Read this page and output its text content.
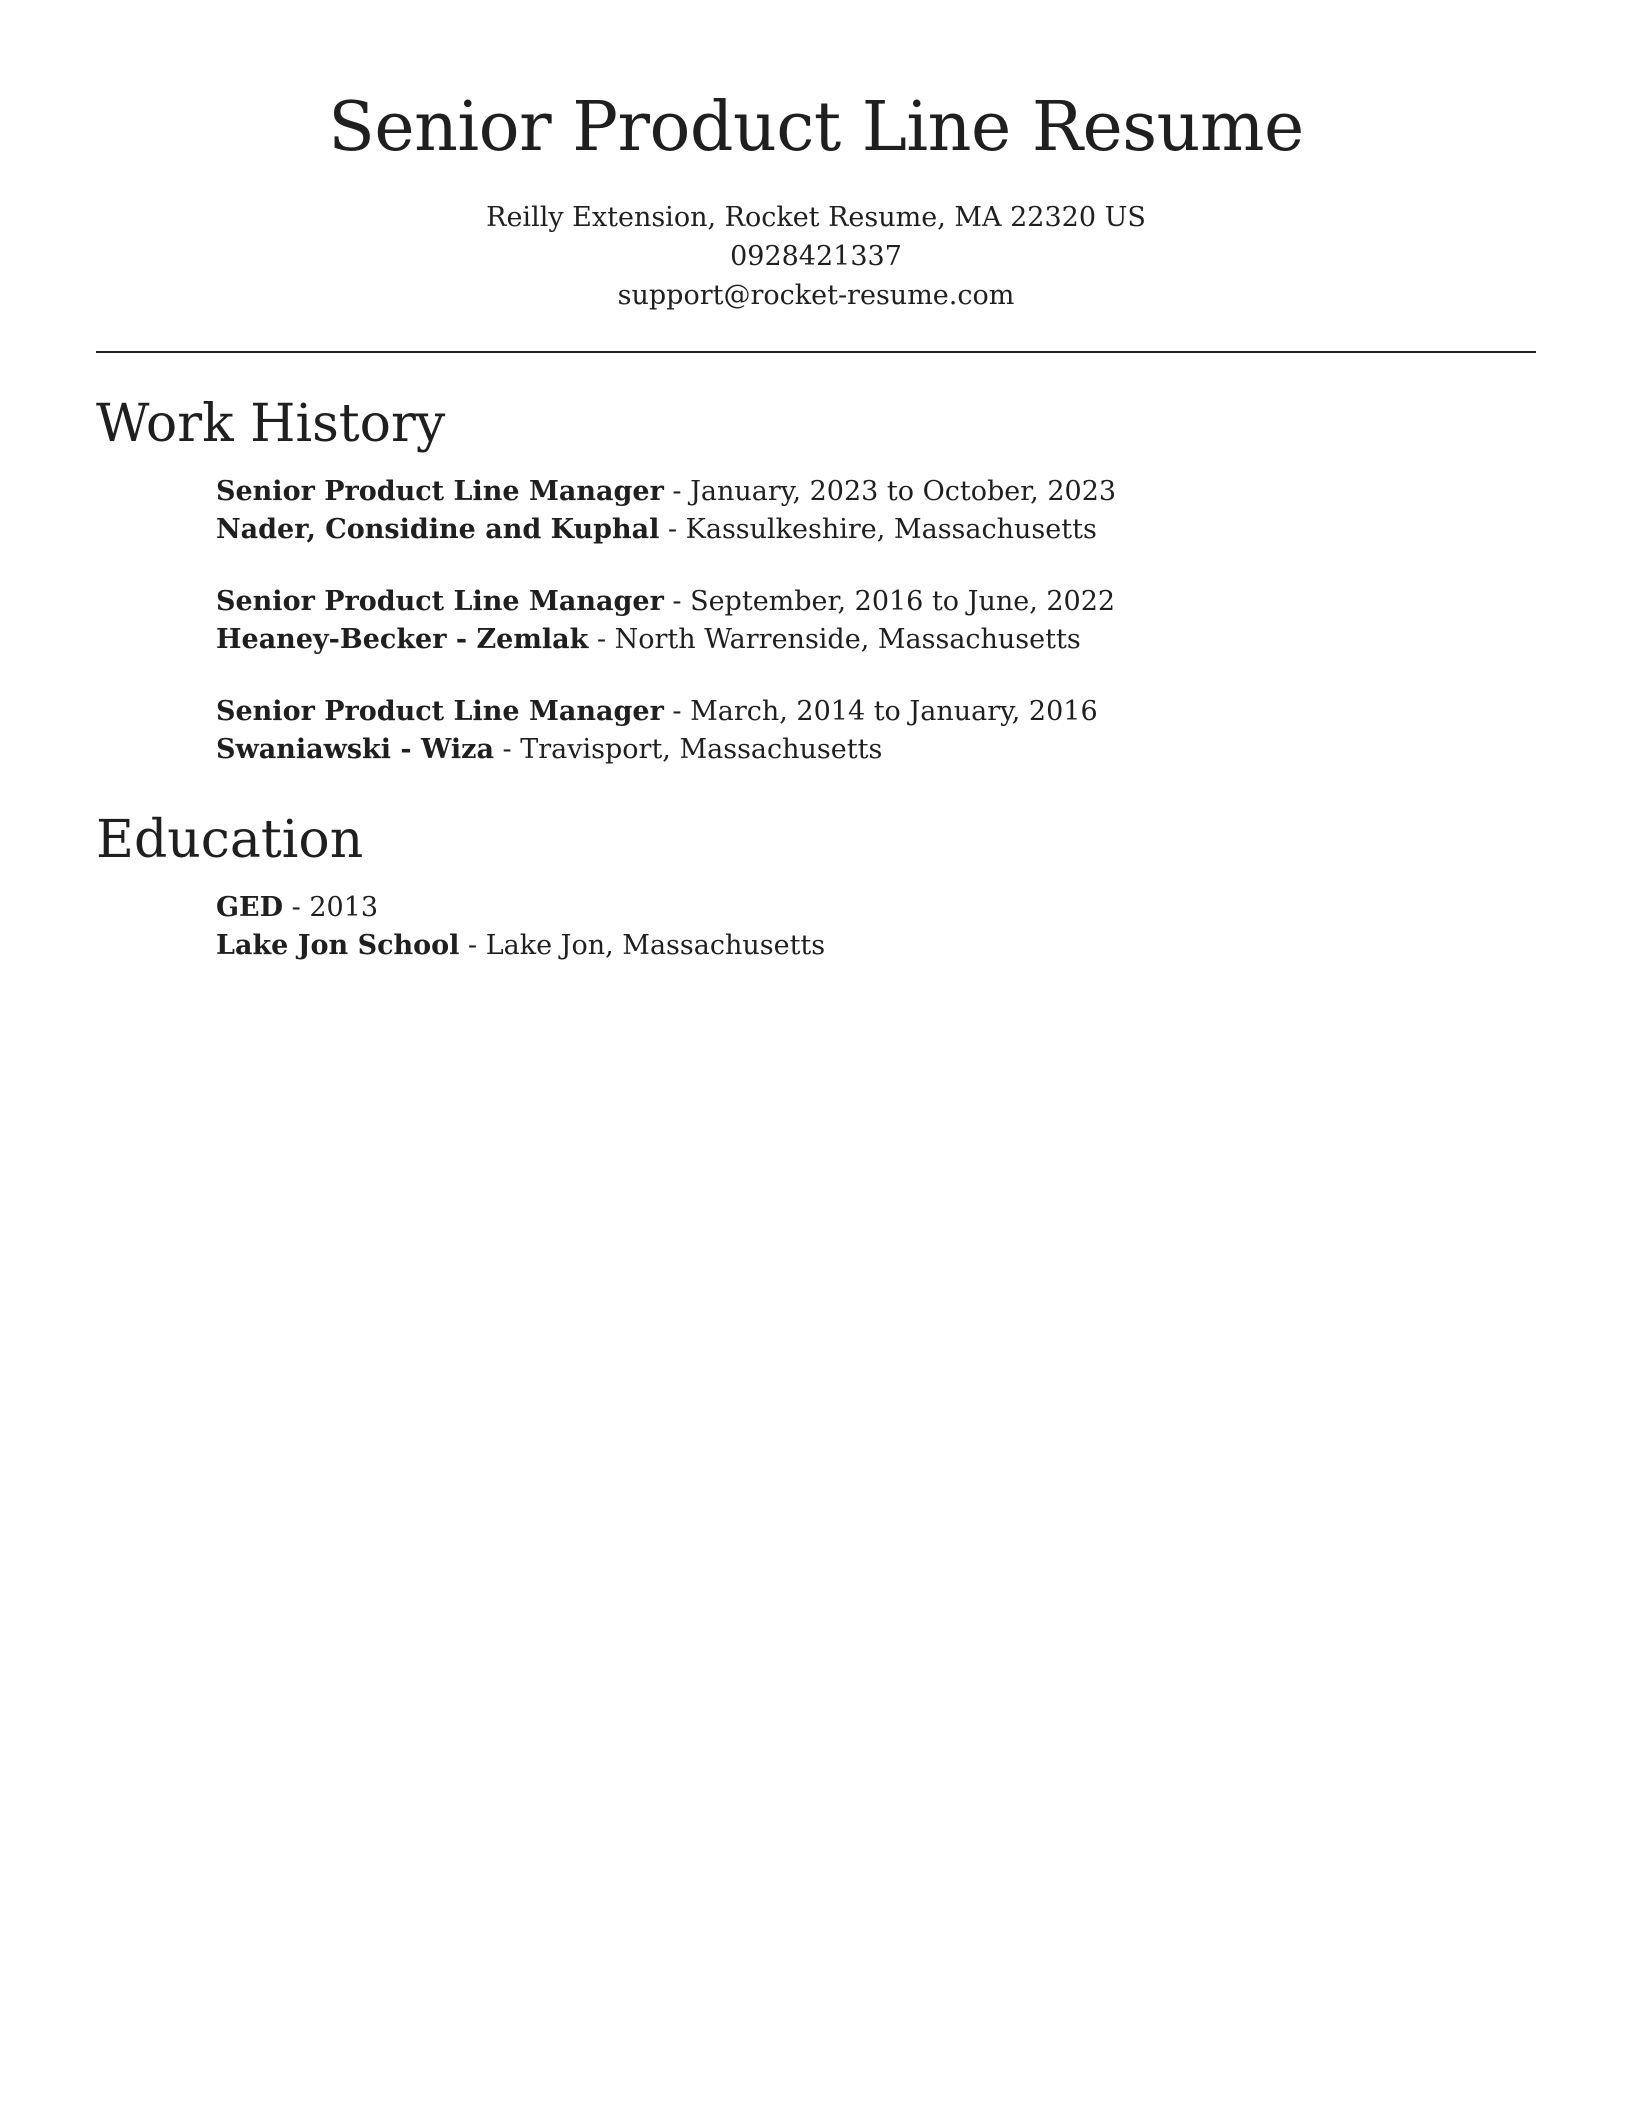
Senior Product Line Resume
Reilly Extension, Rocket Resume, MA 22320 US
0928421337
support@rocket-resume.com
Work History
Senior Product Line Manager - January, 2023 to October, 2023
Nader, Considine and Kuphal - Kassulkeshire, Massachusetts
Senior Product Line Manager - September, 2016 to June, 2022
Heaney-Becker - Zemlak - North Warrenside, Massachusetts
Senior Product Line Manager - March, 2014 to January, 2016
Swaniawski - Wiza - Travisport, Massachusetts
Education
GED - 2013
Lake Jon School - Lake Jon, Massachusetts
